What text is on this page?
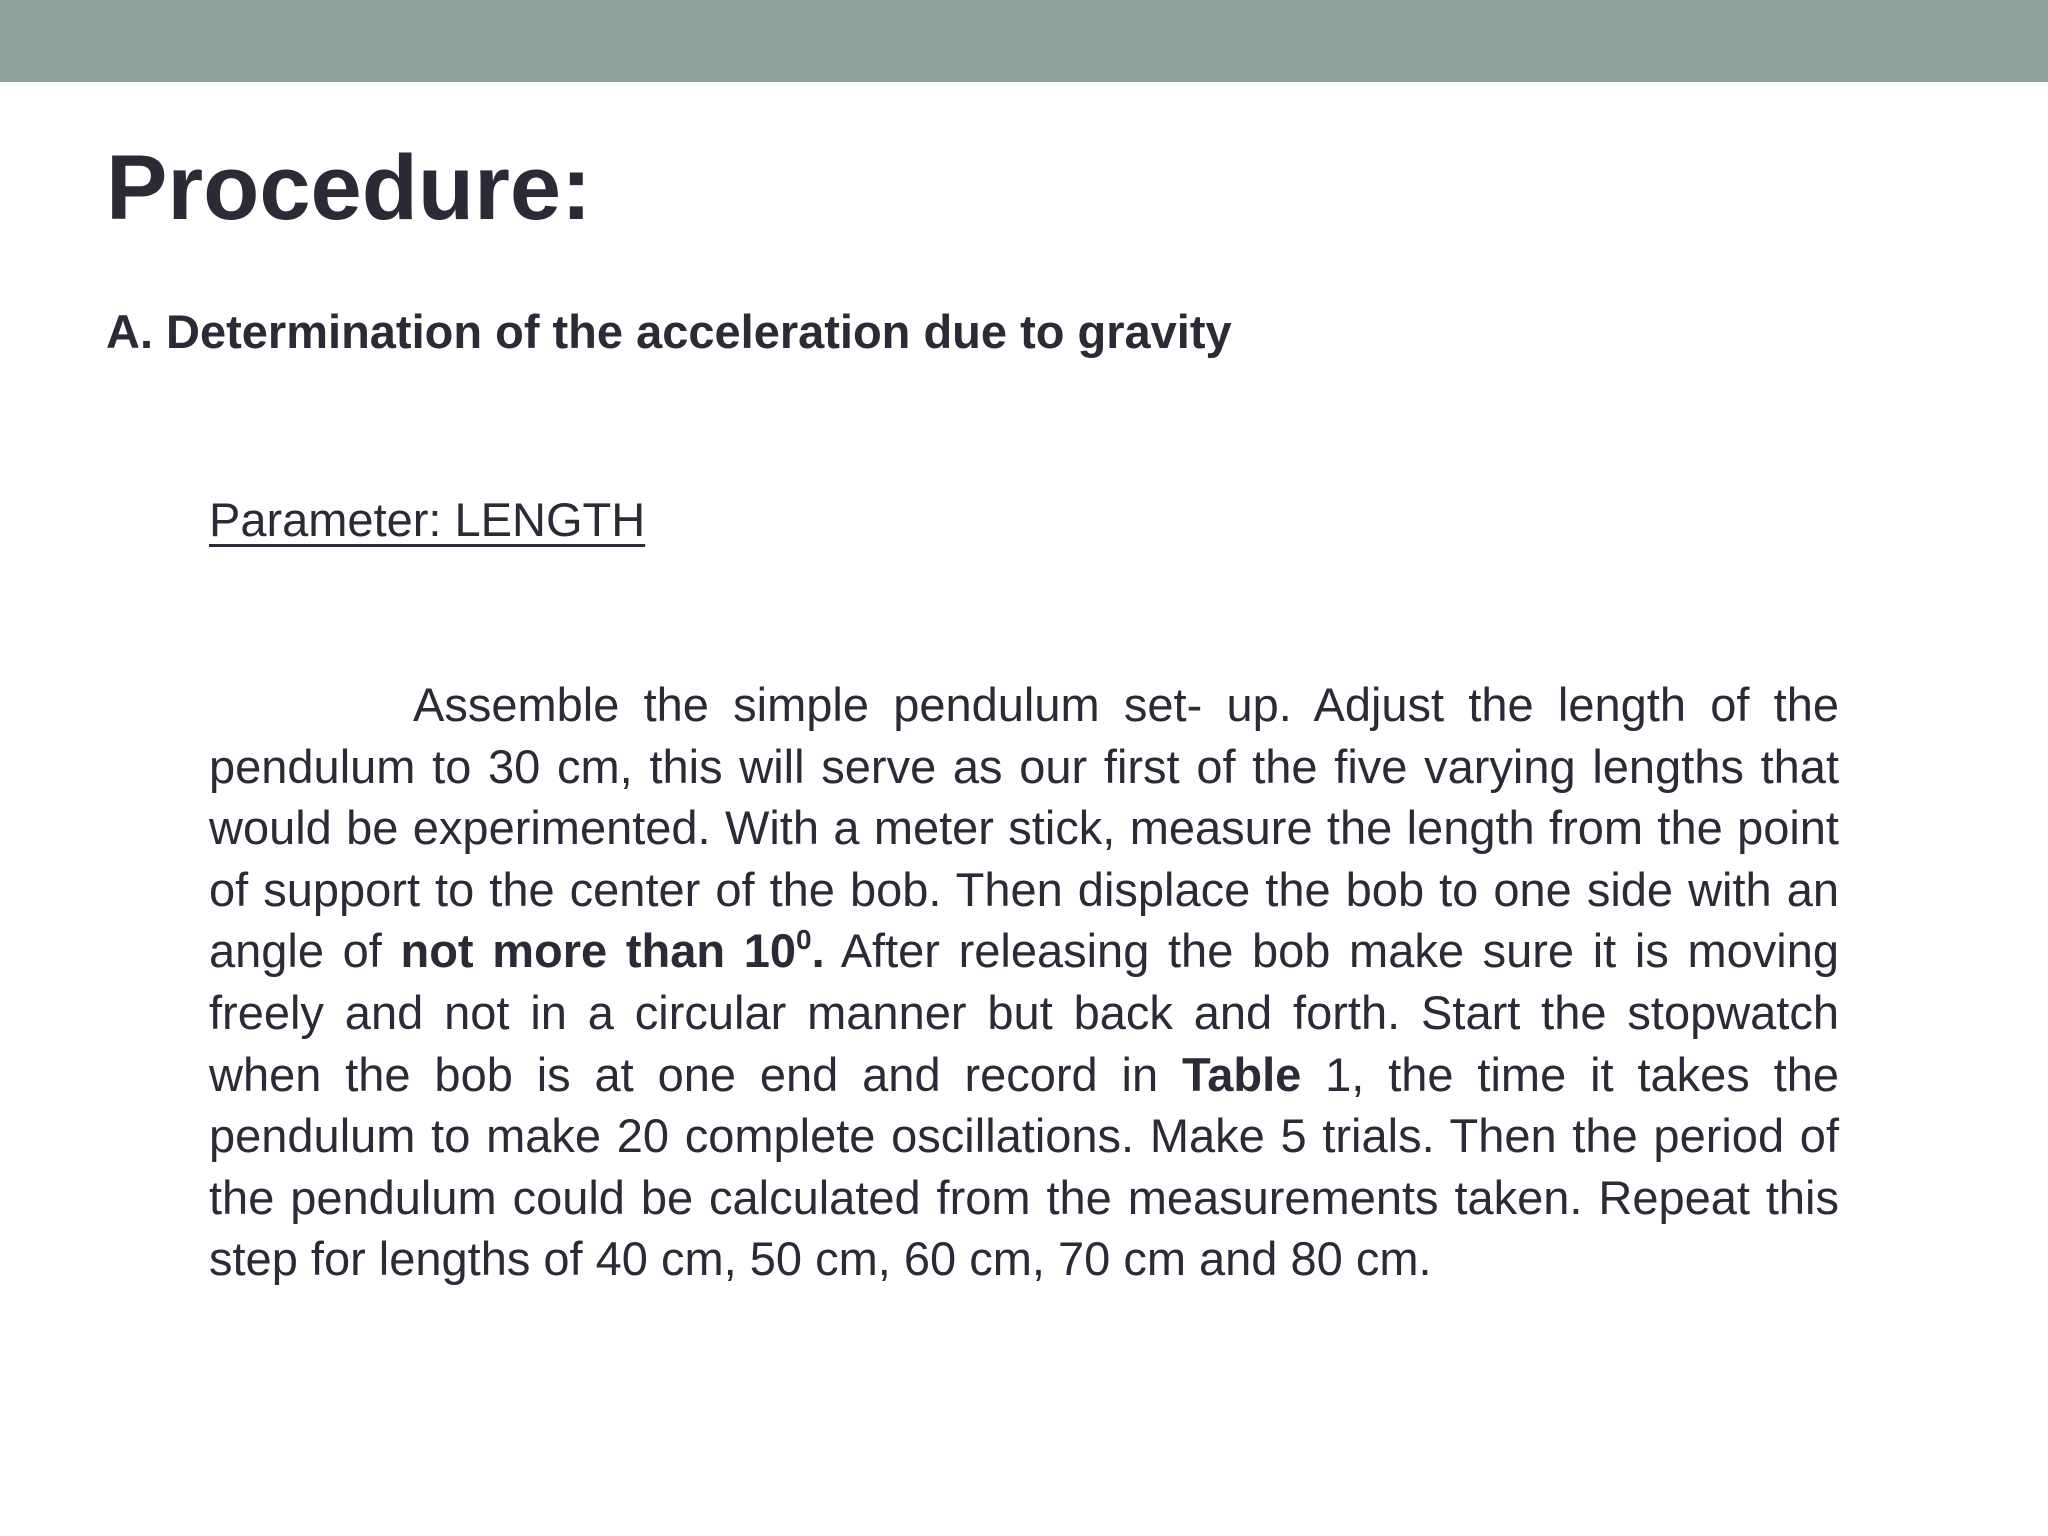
Procedure:
A. Determination of the acceleration due to gravity

Parameter: LENGTH

Assemble the simple pendulum set- up. Adjust the length of the pendulum to 30 cm, this will serve as our first of the five varying lengths that would be experimented. With a meter stick, measure the length from the point of support to the center of the bob. Then displace the bob to one side with an angle of not more than $10^0$. After releasing the bob make sure it is moving freely and not in a circular manner but back and forth. Start the stopwatch when the bob is at one end and record in Table 1, the time it takes the pendulum to make 20 complete oscillations. Make 5 trials. Then the period of the pendulum could be calculated from the measurements taken. Repeat this step for lengths of 40 cm, 50 cm, 60 cm, 70 cm and 80 cm.
